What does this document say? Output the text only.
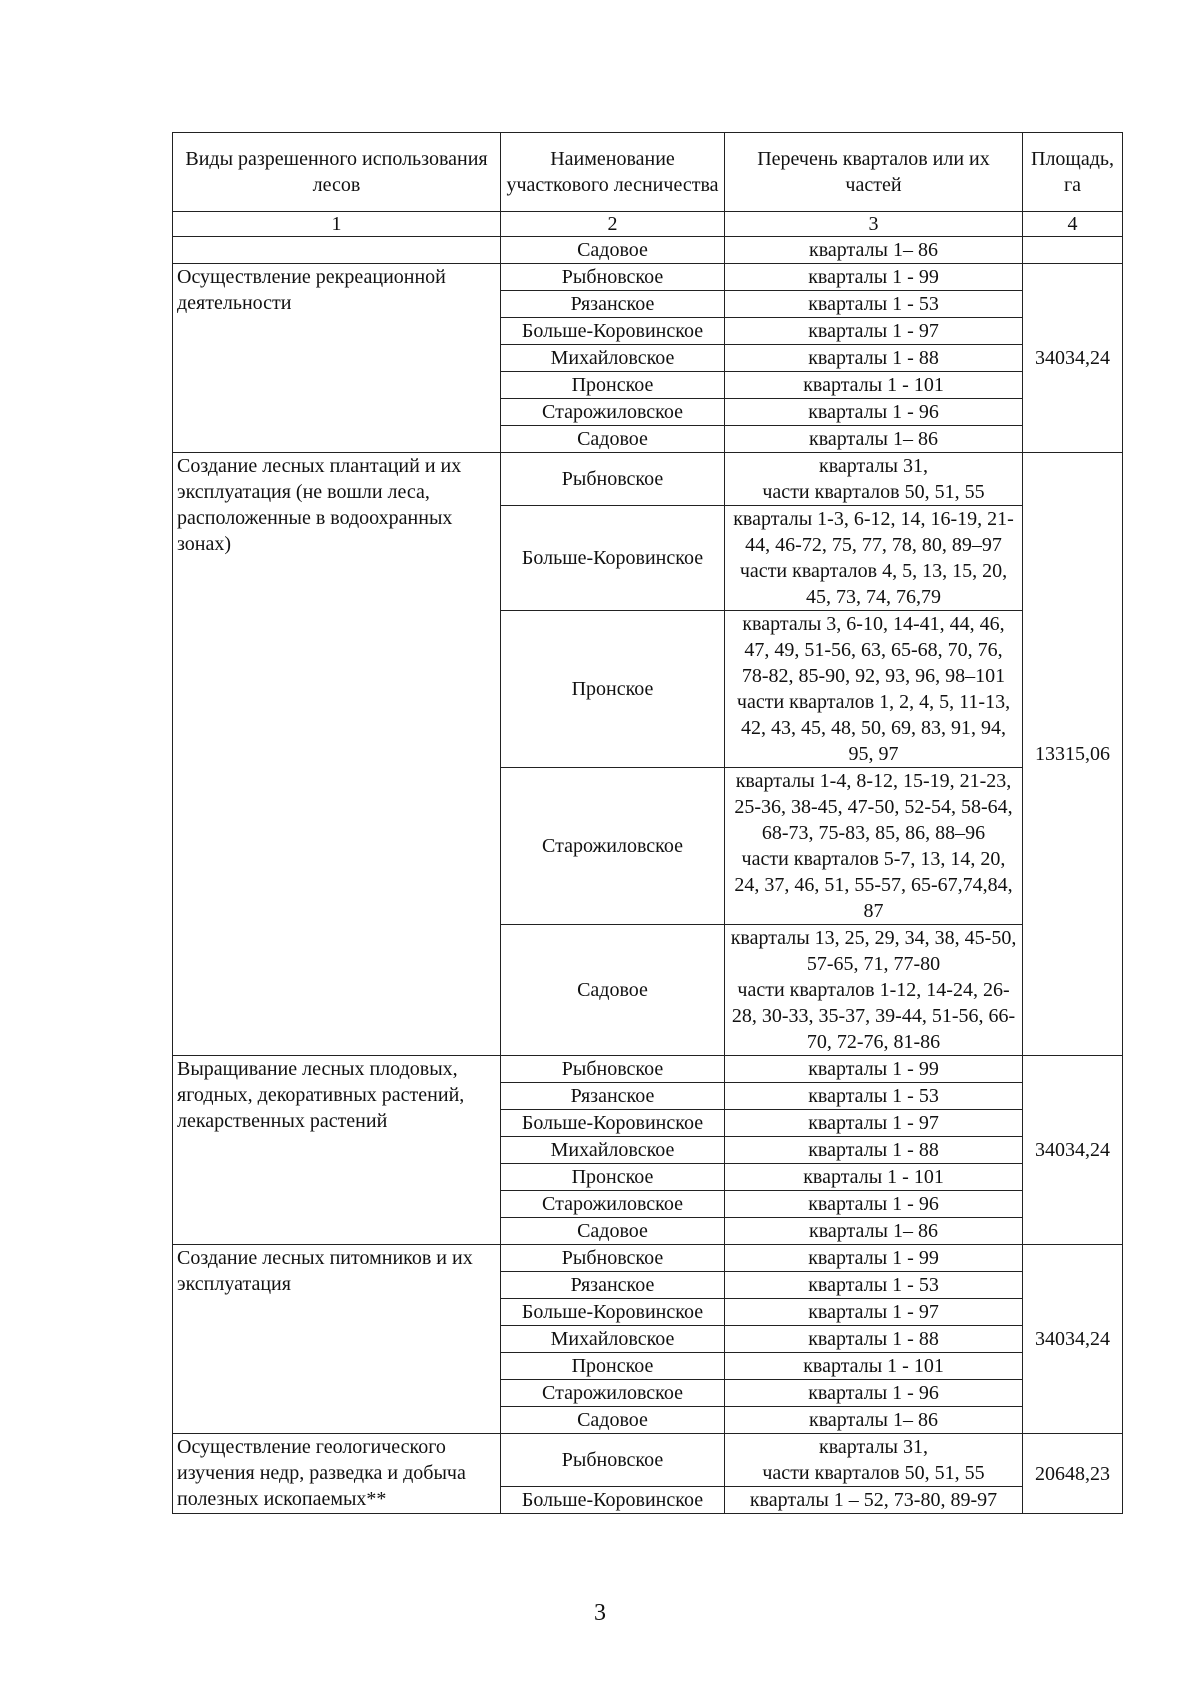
Виды разрешенного использования лесов	Наименование участкового лесничества	Перечень кварталов или их частей	Площадь, га
1	2	3	4
	Садовое	кварталы 1– 86	
Осуществление рекреационной деятельности	Рыбновское	кварталы 1 - 99	34034,24
	Рязанское	кварталы 1 - 53	

	Больше-Коровинское	кварталы 1 - 97	

	Михайловское	кварталы 1 - 88	

	Пронское	кварталы 1 - 101	

	Старожиловское	кварталы 1 - 96	

	Садовое	кварталы 1– 86	

Создание лесных плантаций и их эксплуатация (не вошли леса, расположенные в водоохранных зонах)	Рыбновское	кварталы 31,
части кварталов 50, 51, 55	13315,06
	Больше-Коровинское	кварталы 1-3, 6-12, 14, 16-19, 21-44, 46-72, 75, 77, 78, 80, 89–97
части кварталов 4, 5, 13, 15, 20, 45, 73, 74, 76,79	

	Пронское	кварталы 3, 6-10, 14-41, 44, 46, 47, 49, 51-56, 63, 65-68, 70, 76, 78-82, 85-90, 92, 93, 96, 98–101
части кварталов 1, 2, 4, 5, 11-13, 42, 43, 45, 48, 50, 69, 83, 91, 94, 95, 97	

	Старожиловское	кварталы 1-4, 8-12, 15-19, 21-23, 25-36, 38-45, 47-50, 52-54, 58-64, 68-73, 75-83, 85, 86, 88–96
части кварталов 5-7, 13, 14, 20, 24, 37, 46, 51, 55-57, 65-67,74,84, 87	

	Садовое	кварталы 13, 25, 29, 34, 38, 45-50, 57-65, 71, 77-80
части кварталов 1-12, 14-24, 26-28, 30-33, 35-37, 39-44, 51-56, 66-70, 72-76, 81-86	

Выращивание лесных плодовых, ягодных, декоративных растений, лекарственных растений	Рыбновское	кварталы 1 - 99	34034,24
	Рязанское	кварталы 1 - 53	

	Больше-Коровинское	кварталы 1 - 97	

	Михайловское	кварталы 1 - 88	

	Пронское	кварталы 1 - 101	

	Старожиловское	кварталы 1 - 96	

	Садовое	кварталы 1– 86	

Создание лесных питомников и их эксплуатация	Рыбновское	кварталы 1 - 99	34034,24
	Рязанское	кварталы 1 - 53	

	Больше-Коровинское	кварталы 1 - 97	

	Михайловское	кварталы 1 - 88	

	Пронское	кварталы 1 - 101	

	Старожиловское	кварталы 1 - 96	

	Садовое	кварталы 1– 86	

Осуществление геологического изучения недр, разведка и добыча полезных ископаемых**	Рыбновское	кварталы 31,
части кварталов 50, 51, 55	20648,23
	Больше-Коровинское	кварталы 1 – 52, 73-80, 89-97	
3
